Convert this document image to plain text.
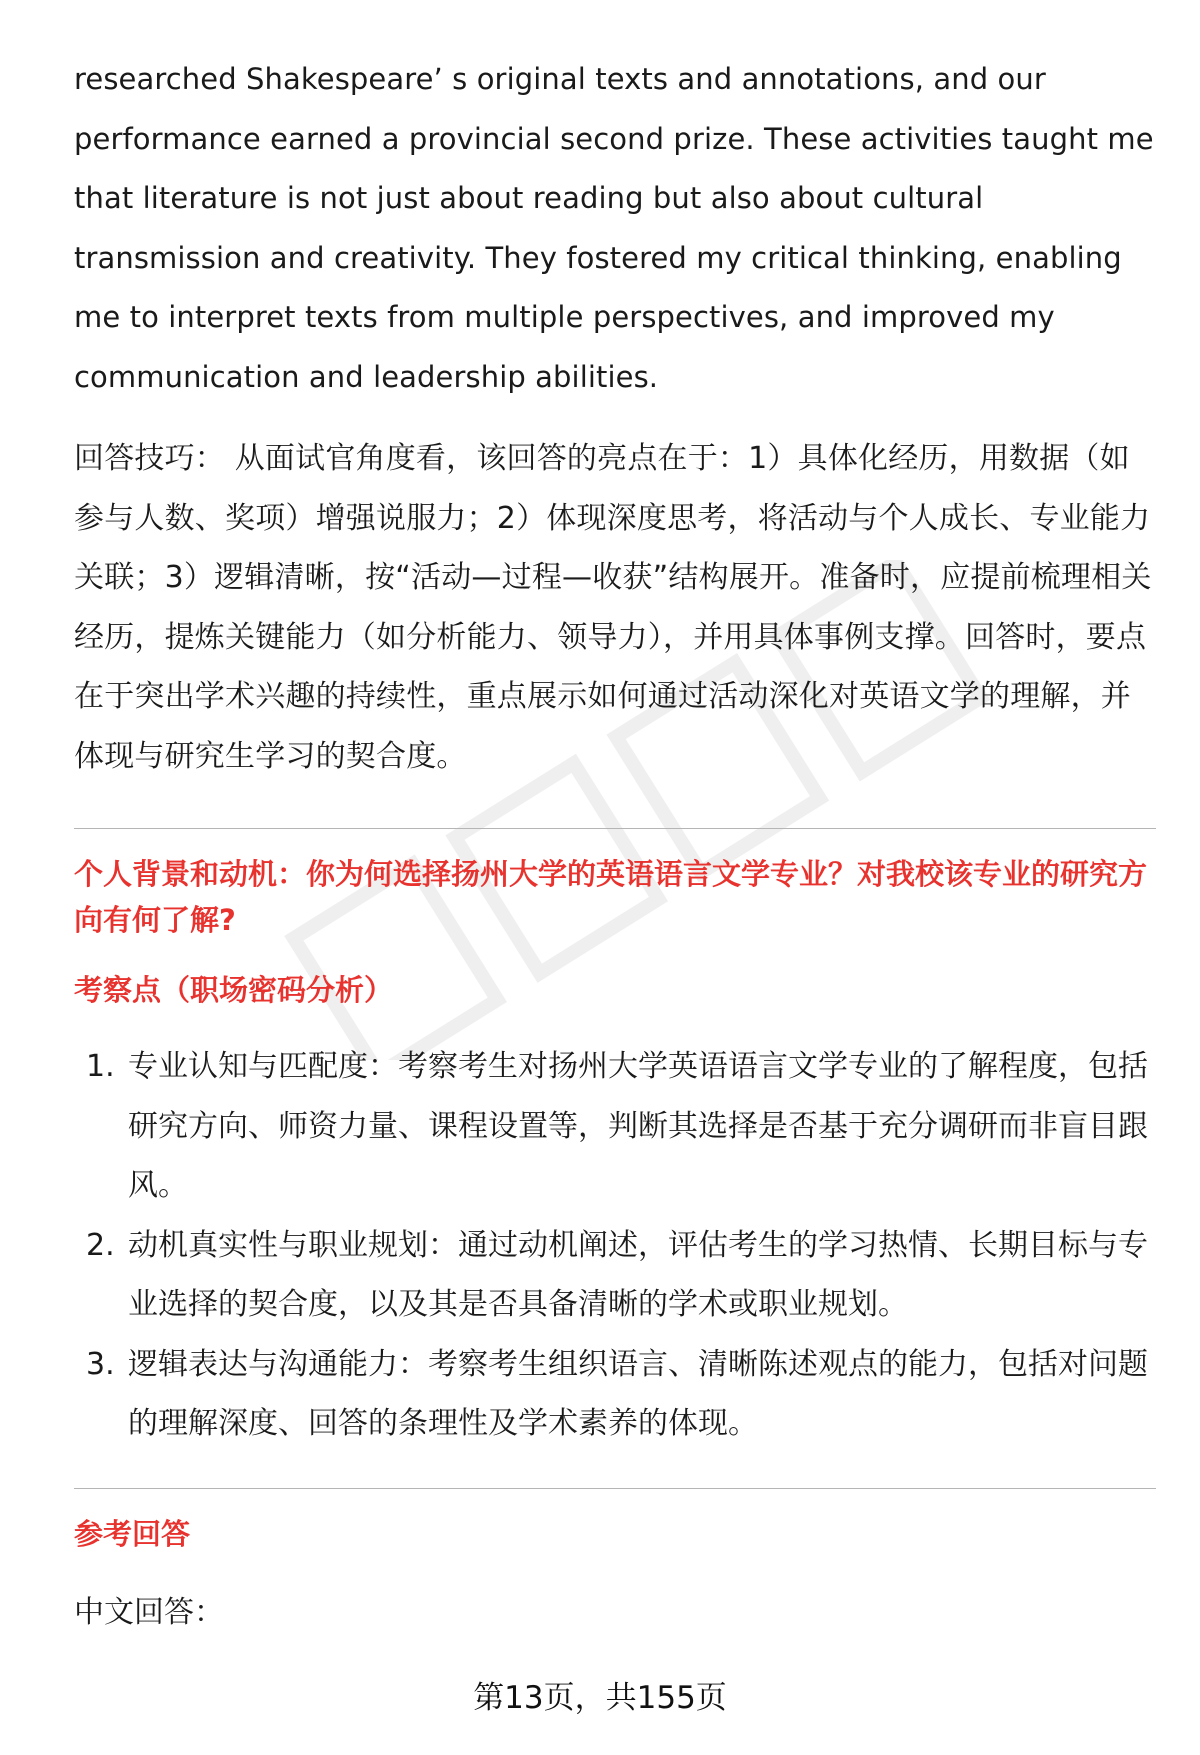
researched Shakespeare’ s original texts and annotations, and our performance earned a provincial second prize. These activities taught me that literature is not just about reading but also about cultural transmission and creativity. They fostered my critical thinking, enabling me to interpret texts from multiple perspectives, and improved my communication and leadership abilities.

回答技巧： 从面试官角度看，该回答的亮点在于：1）具体化经历，用数据（如参与人数、奖项）增强说服力；2）体现深度思考，将活动与个人成长、专业能力关联；3）逻辑清晰，按“活动—过程—收获”结构展开。准备时，应提前梳理相关经历，提炼关键能力（如分析能力、领导力），并用具体事例支撑。回答时，要点在于突出学术兴趣的持续性，重点展示如何通过活动深化对英语文学的理解，并体现与研究生学习的契合度。

个人背景和动机：你为何选择扬州大学的英语语言文学专业？对我校该专业的研究方向有何了解?

考察点（职场密码分析）

1. 专业认知与匹配度：考察考生对扬州大学英语语言文学专业的了解程度，包括研究方向、师资力量、课程设置等，判断其选择是否基于充分调研而非盲目跟风。
2. 动机真实性与职业规划：通过动机阐述，评估考生的学习热情、长期目标与专业选择的契合度，以及其是否具备清晰的学术或职业规划。
3. 逻辑表达与沟通能力：考察考生组织语言、清晰陈述观点的能力，包括对问题的理解深度、回答的条理性及学术素养的体现。

参考回答

中文回答：

第13页，共155页
